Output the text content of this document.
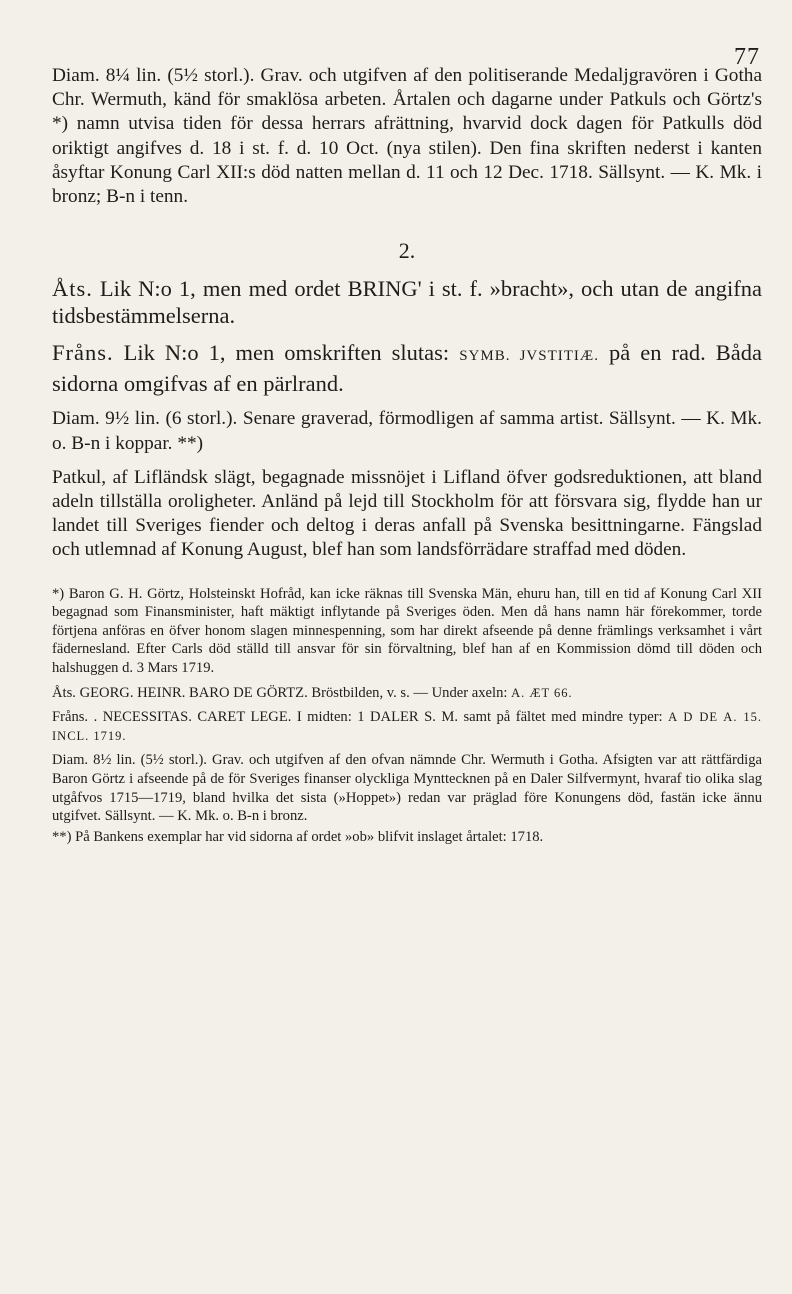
77

Diam. 8¼ lin. (5½ storl.). Grav. och utgifven af den politiserande Medaljgravören i Gotha Chr. Wermuth, känd för smaklösa arbeten. Årtalen och dagarne under Patkuls och Görtz's *) namn utvisa tiden för dessa herrars afrättning, hvarvid dock dagen för Patkulls död oriktigt angifves d. 18 i st. f. d. 10 Oct. (nya stilen). Den fina skriften nederst i kanten åsyftar Konung Carl XII:s död natten mellan d. 11 och 12 Dec. 1718. Sällsynt. — K. Mk. i bronz; B-n i tenn.

2.

Åts. Lik N:o 1, men med ordet BRING' i st. f. »bracht», och utan de angifna tidsbestämmelserna.

Fråns. Lik N:o 1, men omskriften slutas: SYMB. JVSTITIÆ. på en rad. Båda sidorna omgifvas af en pärlrand.

Diam. 9½ lin. (6 storl.). Senare graverad, förmodligen af samma artist. Sällsynt. — K. Mk. o. B-n i koppar. **)

Patkul, af Lifländsk slägt, begagnade missnöjet i Lifland öfver godsreduktionen, att bland adeln tillställa oroligheter. Anländ på lejd till Stockholm för att försvara sig, flydde han ur landet till Sveriges fiender och deltog i deras anfall på Svenska besittningarne. Fängslad och utlemnad af Konung August, blef han som landsförrädare straffad med döden.

*) Baron G. H. Görtz, Holsteinskt Hofråd, kan icke räknas till Svenska Män, ehuru han, till en tid af Konung Carl XII begagnad som Finansminister, haft mäktigt inflytande på Sveriges öden. Men då hans namn här förekommer, torde förtjena anföras en öfver honom slagen minnespenning, som har direkt afseende på denne främlings verksamhet i vårt fädernesland. Efter Carls död ställd till ansvar för sin förvaltning, blef han af en Kommission dömd till döden och halshuggen d. 3 Mars 1719.

Åts. GEORG. HEINR. BARO DE GÖRTZ. Bröstbilden, v. s. — Under axeln: A. ÆT 66.

Fråns. . NECESSITAS. CARET LEGE. I midten: 1 DALER S. M. samt på fältet med mindre typer: A D DE A. 15. INCL. 1719.

Diam. 8½ lin. (5½ storl.). Grav. och utgifven af den ofvan nämnde Chr. Wermuth i Gotha. Afsigten var att rättfärdiga Baron Görtz i afseende på de för Sveriges finanser olyckliga Mynttecknen på en Daler Silfvermynt, hvaraf tio olika slag utgåfvos 1715—1719, bland hvilka det sista (»Hoppet») redan var präglad före Konungens död, fastän icke ännu utgifvet. Sällsynt. — K. Mk. o. B-n i bronz.

**) På Bankens exemplar har vid sidorna af ordet »ob» blifvit inslaget årtalet: 1718.
